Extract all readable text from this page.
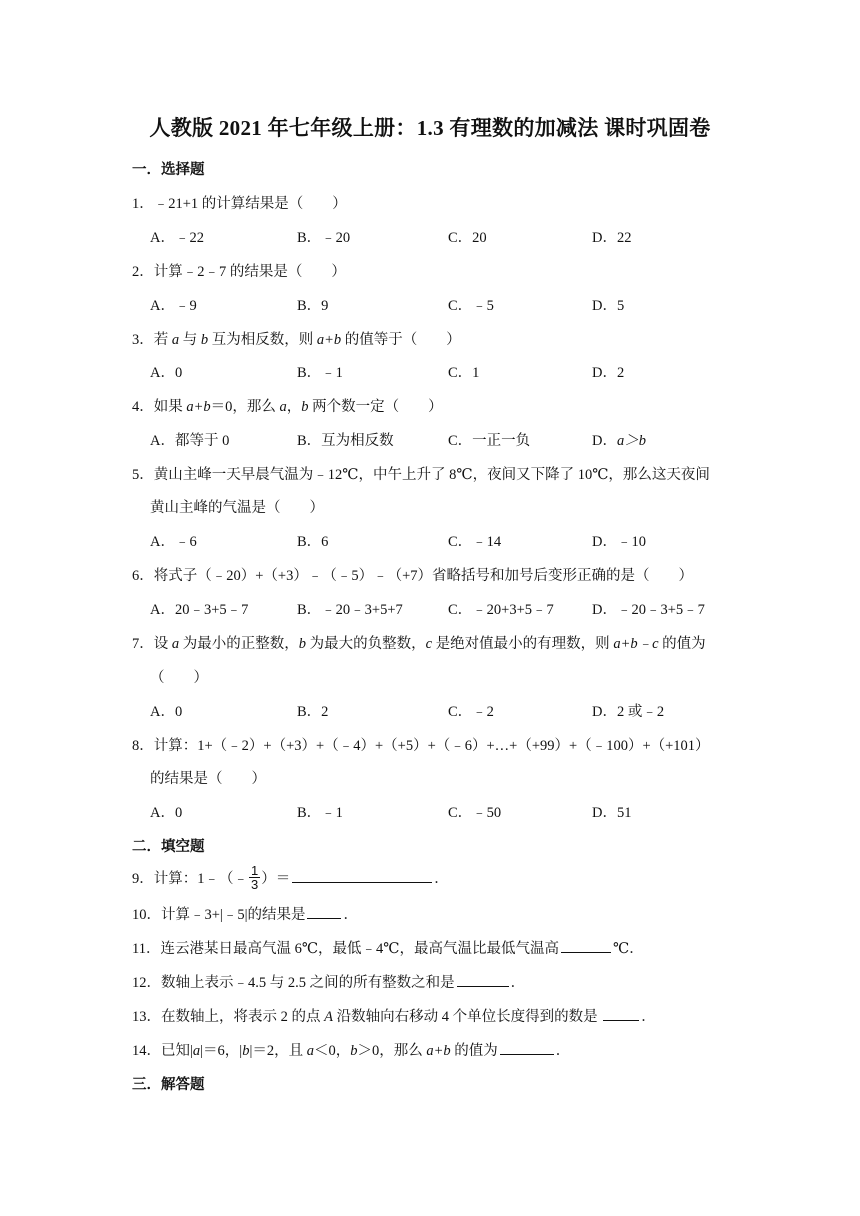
人教版 2021 年七年级上册：1.3 有理数的加减法 课时巩固卷
一．选择题
1．﹣21+1 的计算结果是（　　）
A．﹣22	B．﹣20	C．20	D．22
2．计算﹣2﹣7 的结果是（　　）
A．﹣9	B．9	C．﹣5	D．5
3．若 a 与 b 互为相反数，则 a+b 的值等于（　　）
A．0	B．﹣1	C．1	D．2
4．如果 a+b＝0，那么 a，b 两个数一定（　　）
A．都等于 0	B．互为相反数	C．一正一负	D．a＞b
5．黄山主峰一天早晨气温为﹣12℃，中午上升了 8℃，夜间又下降了 10℃，那么这天夜间
黄山主峰的气温是（　　）
A．﹣6	B．6	C．﹣14	D．﹣10
6．将式子（﹣20）+（+3）﹣（﹣5）﹣（+7）省略括号和加号后变形正确的是（　　）
A．20﹣3+5﹣7	B．﹣20﹣3+5+7	C．﹣20+3+5﹣7	D．﹣20﹣3+5﹣7
7．设 a 为最小的正整数，b 为最大的负整数，c 是绝对值最小的有理数，则 a+b﹣c 的值为
（　　）
A．0	B．2	C．﹣2	D．2 或﹣2
8．计算：1+（﹣2）+（+3）+（﹣4）+（+5）+（﹣6）+…+（+99）+（﹣100）+（+101）
的结果是（　　）
A．0	B．﹣1	C．﹣50	D．51
二．填空题
9．计算：1﹣（﹣ $\frac{1}{3}$ ）＝	．
10．计算﹣3+|﹣5|的结果是	．
11．连云港某日最高气温 6℃，最低﹣4℃，最高气温比最低气温高	℃．
12．数轴上表示﹣4.5 与 2.5 之间的所有整数之和是	．
13．在数轴上，将表示 2 的点 A 沿数轴向右移动 4 个单位长度得到的数是	．
14．已知|a|＝6，|b|＝2，且 a＜0，b＞0，那么 a+b 的值为	．
三．解答题
